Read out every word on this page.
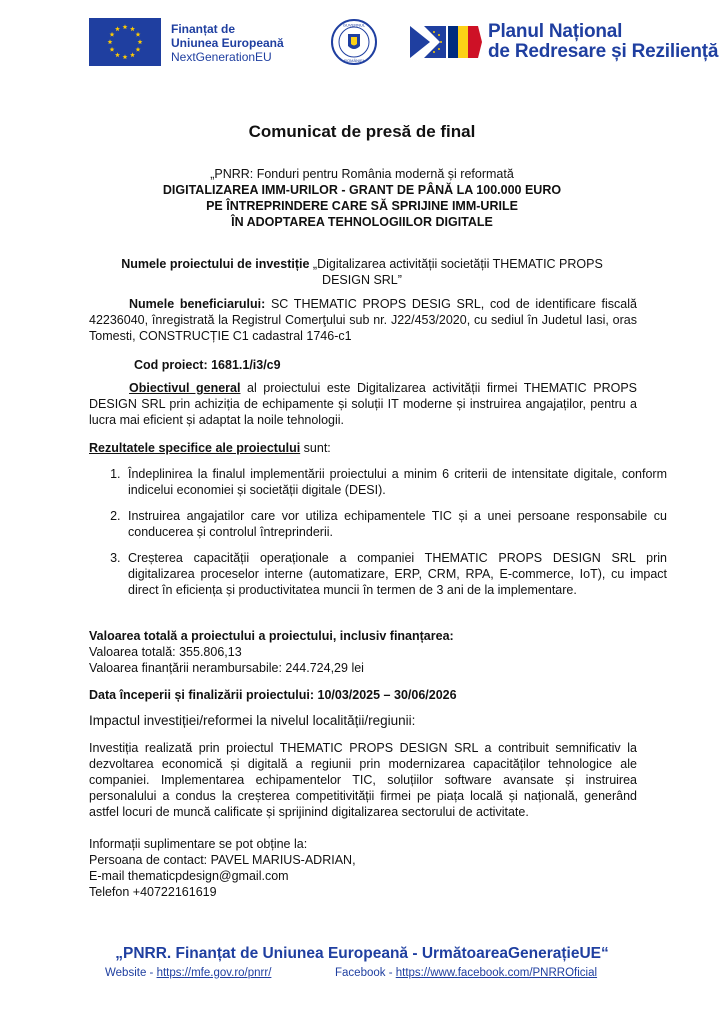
Finanțat de
Uniunea Europeană
NextGenerationEU
GUVERNUL
ROMÂNIEI
Planul Național
de Redresare și Reziliență
Comunicat de presă de final
„PNRR: Fonduri pentru România modernă și reformată
DIGITALIZAREA IMM-URILOR - GRANT DE PÂNĂ LA 100.000 EURO
PE ÎNTREPRINDERE CARE SĂ SPRIJINE IMM-URILE
ÎN ADOPTAREA TEHNOLOGIILOR DIGITALE
Numele proiectului de investiție „Digitalizarea activității societății THEMATIC PROPS
DESIGN SRL”
Numele beneficiarului: SC THEMATIC PROPS DESIG SRL, cod de identificare fiscală 42236040, înregistrată la Registrul Comerţului sub nr. J22/453/2020, cu sediul în Judetul Iasi, oras Tomesti, CONSTRUCȚIE C1 cadastral 1746-c1
Cod proiect: 1681.1/i3/c9
Obiectivul general al proiectului este Digitalizarea activității firmei THEMATIC PROPS DESIGN SRL prin achiziția de echipamente și soluții IT moderne și instruirea angajaților, pentru a lucra mai eficient și adaptat la noile tehnologii.
Rezultatele specifice ale proiectului sunt:
1. Îndeplinirea la finalul implementării proiectului a minim 6 criterii de intensitate digitale, conform indicelui economiei și societății digitale (DESI).
2. Instruirea angajatilor care vor utiliza echipamentele TIC și a unei persoane responsabile cu conducerea și controlul întreprinderii.
3. Creșterea capacității operaționale a companiei THEMATIC PROPS DESIGN SRL prin digitalizarea proceselor interne (automatizare, ERP, CRM, RPA, E-commerce, IoT), cu impact direct în eficiența și productivitatea muncii în termen de 3 ani de la implementare.
Valoarea totală a proiectului a proiectului, inclusiv finanțarea:
Valoarea totală: 355.806,13
Valoarea finanțării nerambursabile: 244.724,29 lei
Data începerii și finalizării proiectului: 10/03/2025 – 30/06/2026
Impactul investiției/reformei la nivelul localității/regiunii:
Investiția realizată prin proiectul THEMATIC PROPS DESIGN SRL a contribuit semnificativ la dezvoltarea economică și digitală a regiunii prin modernizarea capacităților tehnologice ale companiei. Implementarea echipamentelor TIC, soluțiilor software avansate și instruirea personalului a condus la creșterea competitivității firmei pe piața locală și națională, generând astfel locuri de muncă calificate și sprijinind digitalizarea sectorului de activitate.
Informații suplimentare se pot obține la:
Persoana de contact: PAVEL MARIUS-ADRIAN,
E-mail thematicpdesign@gmail.com
Telefon +40722161619
„PNRR. Finanțat de Uniunea Europeană - UrmătoareaGenerațieUE“
Website - https://mfe.gov.ro/pnrr/	Facebook - https://www.facebook.com/PNRROficial
